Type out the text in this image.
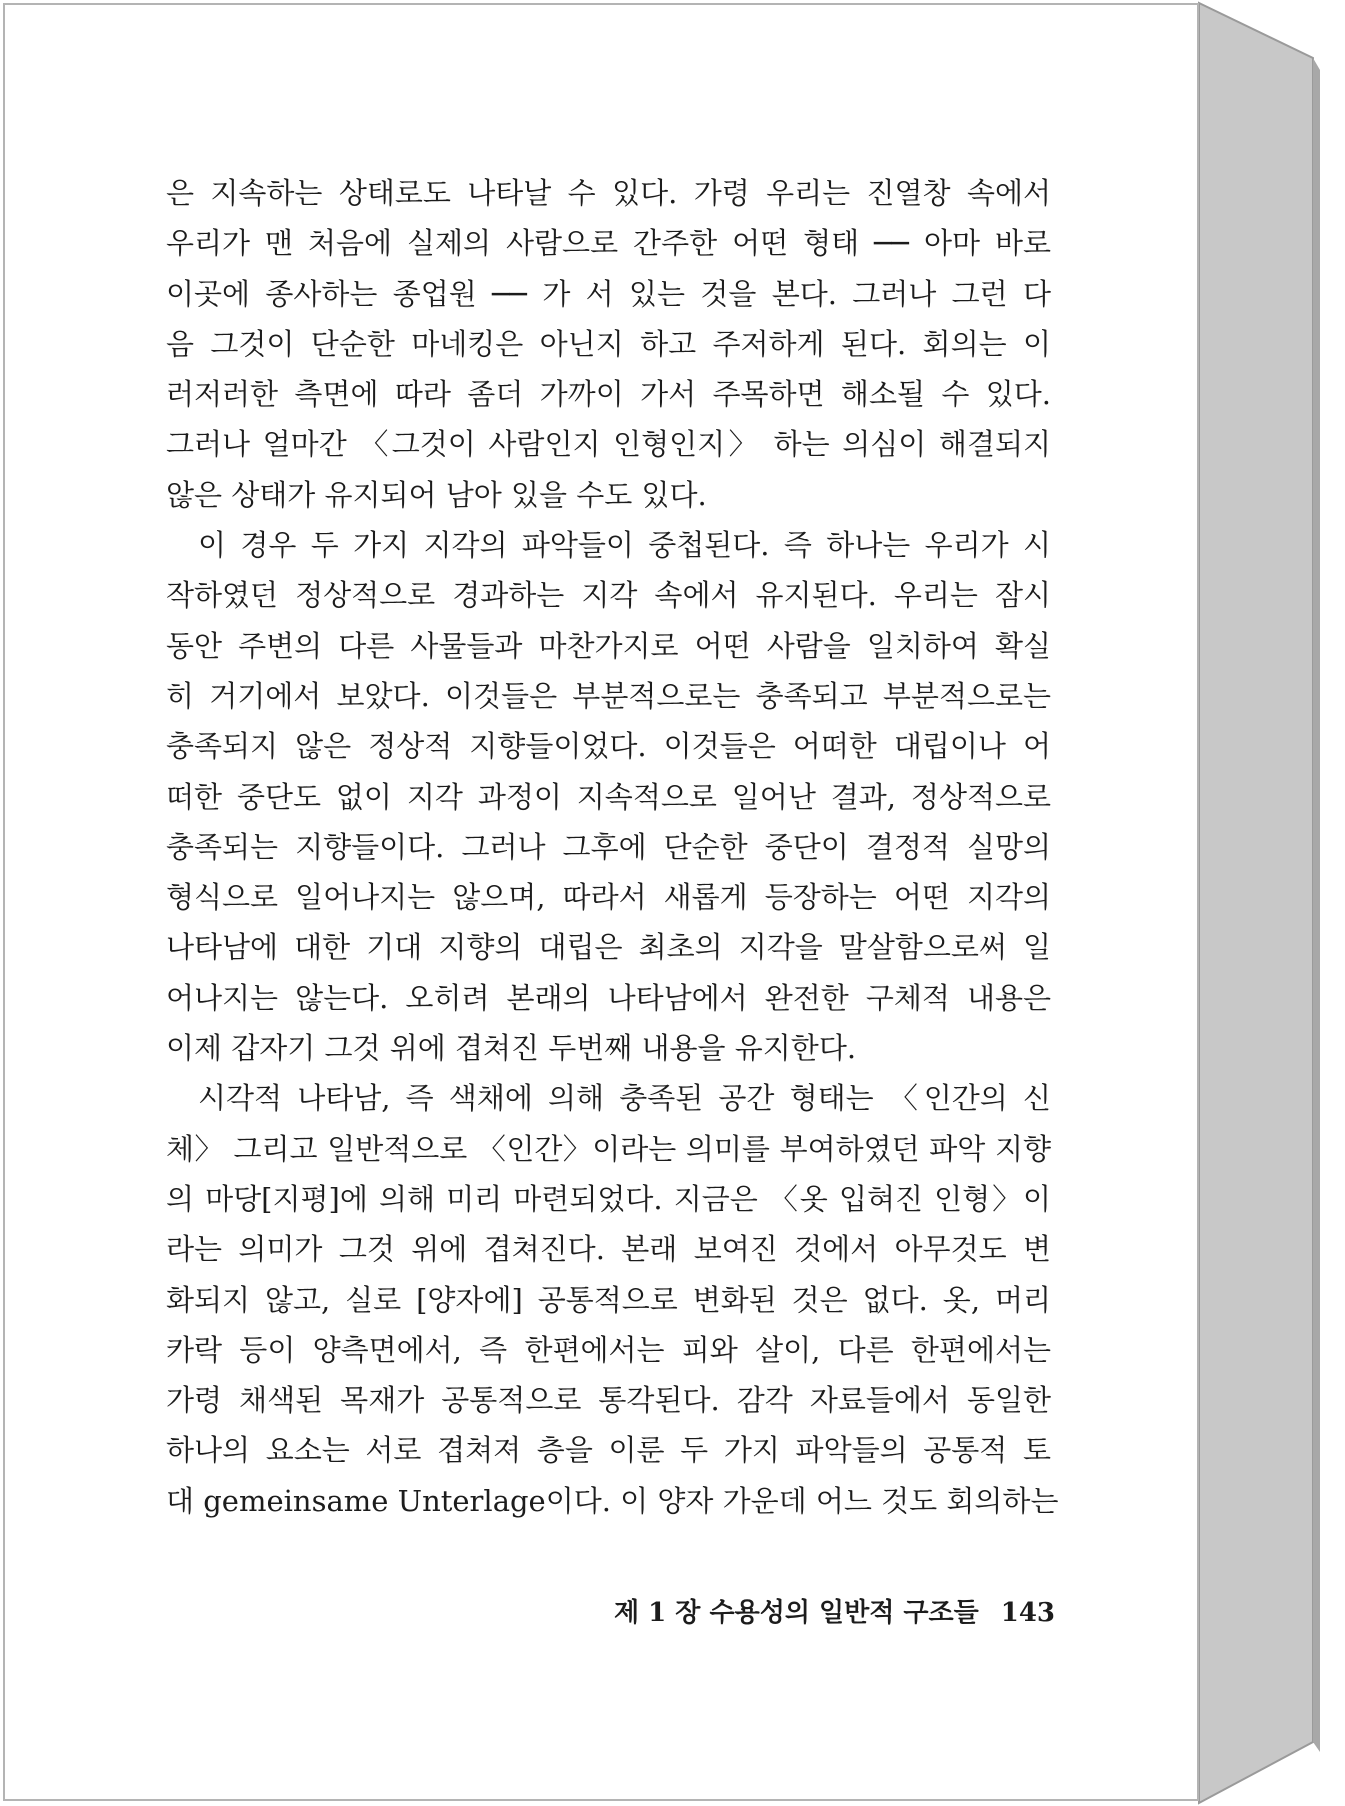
은 지속하는 상태로도 나타날 수 있다. 가령 우리는 진열창 속에서
우리가 맨 처음에 실제의 사람으로 간주한 어떤 형태 ── 아마 바로
이곳에 종사하는 종업원 ── 가 서 있는 것을 본다. 그러나 그런 다
음 그것이 단순한 마네킹은 아닌지 하고 주저하게 된다. 회의는 이
러저러한 측면에 따라 좀더 가까이 가서 주목하면 해소될 수 있다.
그러나 얼마간 〈그것이 사람인지 인형인지〉 하는 의심이 해결되지
않은 상태가 유지되어 남아 있을 수도 있다.
이 경우 두 가지 지각의 파악들이 중첩된다. 즉 하나는 우리가 시
작하였던 정상적으로 경과하는 지각 속에서 유지된다. 우리는 잠시
동안 주변의 다른 사물들과 마찬가지로 어떤 사람을 일치하여 확실
히 거기에서 보았다. 이것들은 부분적으로는 충족되고 부분적으로는
충족되지 않은 정상적 지향들이었다. 이것들은 어떠한 대립이나 어
떠한 중단도 없이 지각 과정이 지속적으로 일어난 결과, 정상적으로
충족되는 지향들이다. 그러나 그후에 단순한 중단이 결정적 실망의
형식으로 일어나지는 않으며, 따라서 새롭게 등장하는 어떤 지각의
나타남에 대한 기대 지향의 대립은 최초의 지각을 말살함으로써 일
어나지는 않는다. 오히려 본래의 나타남에서 완전한 구체적 내용은
이제 갑자기 그것 위에 겹쳐진 두번째 내용을 유지한다.
시각적 나타남, 즉 색채에 의해 충족된 공간 형태는 〈인간의 신
체〉 그리고 일반적으로 〈인간〉이라는 의미를 부여하였던 파악 지향
의 마당[지평]에 의해 미리 마련되었다. 지금은 〈옷 입혀진 인형〉이
라는 의미가 그것 위에 겹쳐진다. 본래 보여진 것에서 아무것도 변
화되지 않고, 실로 [양자에] 공통적으로 변화된 것은 없다. 옷, 머리
카락 등이 양측면에서, 즉 한편에서는 피와 살이, 다른 한편에서는
가령 채색된 목재가 공통적으로 통각된다. 감각 자료들에서 동일한
하나의 요소는 서로 겹쳐져 층을 이룬 두 가지 파악들의 공통적 토
대 gemeinsame Unterlage이다. 이 양자 가운데 어느 것도 회의하는
제 1 장 수용성의 일반적 구조들 143
